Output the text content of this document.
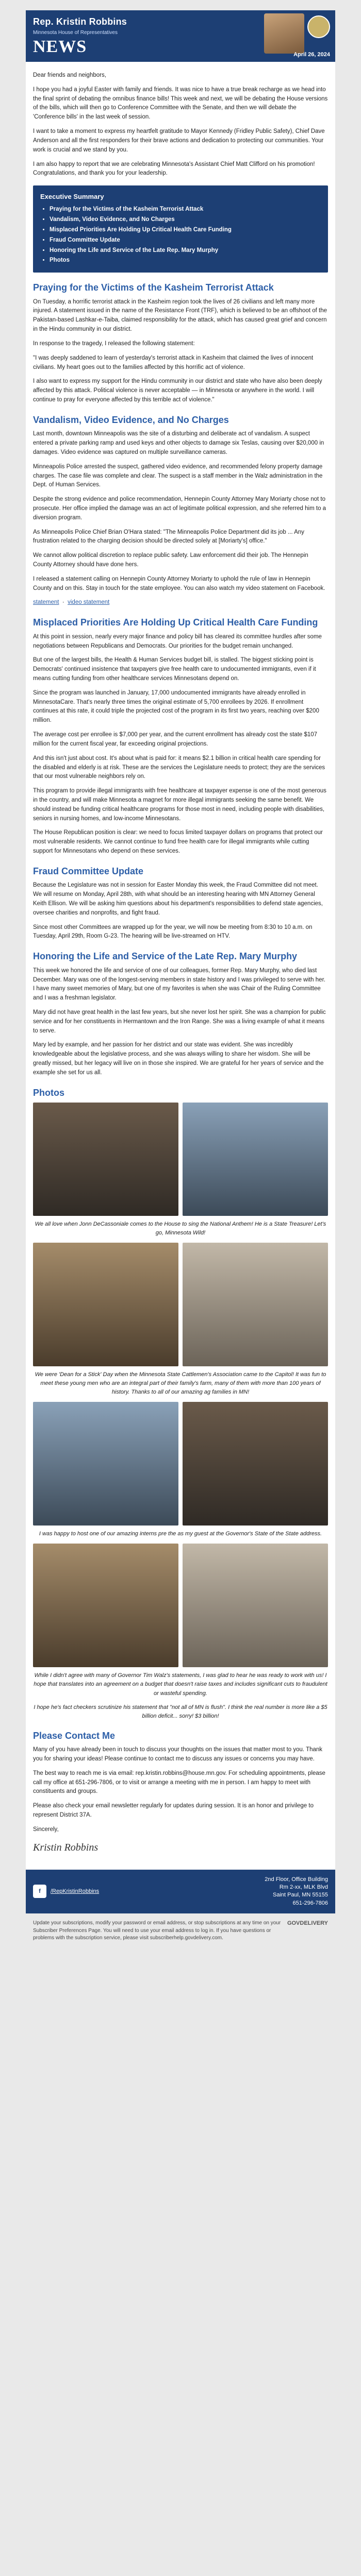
Rep. Kristin Robbins
Minnesota House of Representatives
NEWS	April 26, 2024

Dear friends and neighbors,

I hope you had a joyful Easter with family and friends. It was nice to have a true break recharge as we head into the final sprint of debating the omnibus finance bills! This week and next, we will be debating the House versions of the bills, which will then go to Conference Committee with the Senate, and then we will debate the 'Conference bills' in the last week of session.

I want to take a moment to express my heartfelt gratitude to Mayor Kennedy (Fridley Public Safety), Chief Dave Anderson and all the first responders for their brave actions and dedication to protecting our communities. Your work is crucial and we stand by you.

I am also happy to report that we are celebrating Minnesota's Assistant Chief Matt Clifford on his promotion! Congratulations, and thank you for your leadership.

Executive Summary
• Praying for the Victims of the Kasheim Terrorist Attack
• Vandalism, Video Evidence, and No Charges
• Misplaced Priorities Are Holding Up Critical Health Care Funding
• Fraud Committee Update
• Honoring the Life and Service of the Late Rep. Mary Murphy
• Photos
Praying for the Victims of the Kasheim Terrorist Attack

On Tuesday, a horrific terrorist attack in the Kasheim region took the lives of 26 civilians and left many more injured. A statement issued in the name of the Resistance Front (TRF), which is believed to be an offshoot of the Pakistan-based Lashkar-e-Taiba, claimed responsibility for the attack, which has caused great grief and concern in the Hindu community in our district.

In response to the tragedy, I released the following statement:

"I was deeply saddened to learn of yesterday's terrorist attack in Kasheim that claimed the lives of innocent civilians. My heart goes out to the families affected by this horrific act of violence.

I also want to express my support for the Hindu community in our district and state who have also been deeply affected by this attack. Political violence is never acceptable — in Minnesota or anywhere in the world. I will continue to pray for everyone affected by this terrible act of violence."

Vandalism, Video Evidence, and No Charges

Last month, downtown Minneapolis was the site of a disturbing and deliberate act of vandalism. A suspect entered a private parking ramp and used keys and other objects to damage six Teslas, causing over $20,000 in damages. Video evidence was captured on multiple surveillance cameras.

Minneapolis Police arrested the suspect, gathered video evidence, and recommended felony property damage charges. The case file was complete and clear. The suspect is a staff member in the Walz administration in the Dept. of Human Services.

Despite the strong evidence and police recommendation, Hennepin County Attorney Mary Moriarty chose not to prosecute. Her office implied the damage was an act of legitimate political expression, and she referred him to a diversion program.

As Minneapolis Police Chief Brian O'Hara stated: "The Minneapolis Police Department did its job ... Any frustration related to the charging decision should be directed solely at [Moriarty's] office."

We cannot allow political discretion to replace public safety. Law enforcement did their job. The Hennepin County Attorney should have done hers.

I released a statement calling on Hennepin County Attorney Moriarty to uphold the rule of law in Hennepin County and on this. Stay in touch for the state employee. You can also watch my video statement on Facebook.

statement  ·  video statement

Misplaced Priorities Are Holding Up Critical Health Care Funding

At this point in session, nearly every major finance and policy bill has cleared its committee hurdles after some negotiations between Republicans and Democrats. Our priorities for the budget remain unchanged.

But one of the largest bills, the Health & Human Services budget bill, is stalled. The biggest sticking point is Democrats' continued insistence that taxpayers give free health care to undocumented immigrants, even if it means cutting funding from other healthcare services Minnesotans depend on.

Since the program was launched in January, 17,000 undocumented immigrants have already enrolled in MinnesotaCare. That's nearly three times the original estimate of 5,700 enrollees by 2026. If enrollment continues at this rate, it could triple the projected cost of the program in its first two years, reaching over $200 million.

The average cost per enrollee is $7,000 per year, and the current enrollment has already cost the state $107 million for the current fiscal year, far exceeding original projections.

And this isn't just about cost. It's about what is paid for: it means $2.1 billion in critical health care spending for the disabled and elderly is at risk. These are the services the Legislature needs to protect; they are the services that our most vulnerable neighbors rely on.

This program to provide illegal immigrants with free healthcare at taxpayer expense is one of the most generous in the country, and will make Minnesota a magnet for more illegal immigrants seeking the same benefit. We should instead be funding critical healthcare programs for those most in need, including people with disabilities, seniors in nursing homes, and low-income Minnesotans.

The House Republican position is clear: we need to focus limited taxpayer dollars on programs that protect our most vulnerable residents. We cannot continue to fund free health care for illegal immigrants while cutting support for Minnesotans who depend on these services.

Fraud Committee Update

Because the Legislature was not in session for Easter Monday this week, the Fraud Committee did not meet. We will resume on Monday, April 28th, with what should be an interesting hearing with MN Attorney General Keith Ellison. We will be asking him questions about his department's responsibilities to defend state agencies, oversee charities and nonprofits, and fight fraud.

Since most other Committees are wrapped up for the year, we will now be meeting from 8:30 to 10 a.m. on Tuesday, April 29th, Room G-23. The hearing will be live-streamed on HTV.

Honoring the Life and Service of the Late Rep. Mary Murphy

This week we honored the life and service of one of our colleagues, former Rep. Mary Murphy, who died last December. Mary was one of the longest-serving members in state history and I was privileged to serve with her. I have many sweet memories of Mary, but one of my favorites is when she was Chair of the Ruling Committee and I was a freshman legislator.

Mary did not have great health in the last few years, but she never lost her spirit. She was a champion for public service and for her constituents in Hermantown and the Iron Range. She was a living example of what it means to serve.

Mary led by example, and her passion for her district and our state was evident. She was incredibly knowledgeable about the legislative process, and she was always willing to share her wisdom. She will be greatly missed, but her legacy will live on in those she inspired. We are grateful for her years of service and the example she set for us all.

Photos

We all love when Jonn DeCassoniale comes to the House to sing the National Anthem! He is a State Treasure! Let's go, Minnesota Wild!

We were 'Dean for a Stick' Day when the Minnesota State Cattlemen's Association came to the Capitol! It was fun to meet these young men who are an integral part of their family's farm, many of them with more than 100 years of history. Thanks to all of our amazing ag families in MN!

I was happy to host one of our amazing interns pre the as my guest at the Governor's State of the State address.

While I didn't agree with many of Governor Tim Walz's statements, I was glad to hear he was ready to work with us! I hope that translates into an agreement on a budget that doesn't raise taxes and includes significant cuts to fraudulent or wasteful spending.

I hope he's fact checkers scrutinize his statement that "not all of MN is flush". I think the real number is more like a $5 billion deficit... sorry! $3 billion!

Please Contact Me

Many of you have already been in touch to discuss your thoughts on the issues that matter most to you. Thank you for sharing your ideas! Please continue to contact me to discuss any issues or concerns you may have.

The best way to reach me is via email: rep.kristin.robbins@house.mn.gov. For scheduling appointments, please call my office at 651-296-7806, or to visit or arrange a meeting with me in person. I am happy to meet with constituents and groups.

Please also check your email newsletter regularly for updates during session. It is an honor and privilege to represent District 37A.

Sincerely,

Kristin Robbins
f	/RepKristinRobbins
2nd Floor, Office Building
Rm 2-xx, MLK Blvd
Saint Paul, MN 55155
651-296-7806
GOVDELIVERY
Update your subscriptions, modify your password or email address, or stop subscriptions at any time on your Subscriber Preferences Page. You will need to use your email address to log in. If you have questions or problems with the subscription service, please visit subscriberhelp.govdelivery.com.
